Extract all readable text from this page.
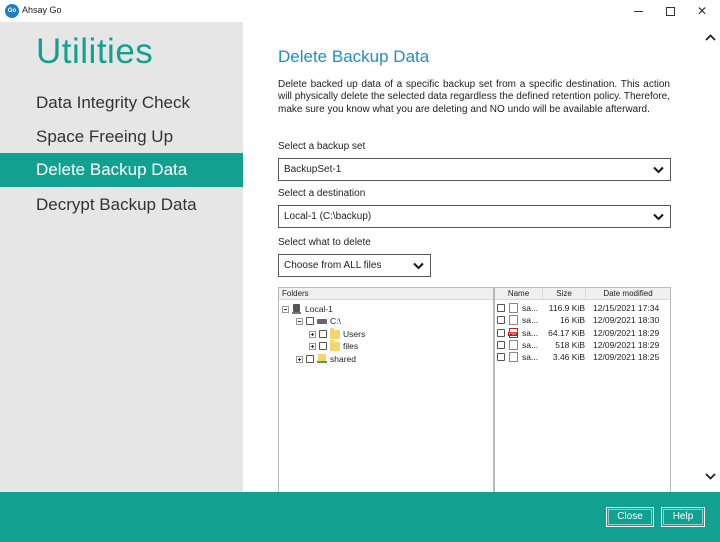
Go Ahsay Go	✕
Utilities
Data Integrity Check
Space Freeing Up
Delete Backup Data
Decrypt Backup Data
Delete Backup Data
Delete backed up data of a specific backup set from a specific destination. This action will physically delete the selected data regardless the defined retention policy. Therefore, make sure you know what you are deleting and NO undo will be available afterward.
Select a backup set
BackupSet-1
Select a destination
Local-1 (C:\backup)
Select what to delete
Choose from ALL files
Folders
Local-1
C:\
Users
files
shared
Name	Size	Date modified
sa...	116.9 KiB 12/15/2021 17:34
sa...	16 KiB 12/09/2021 18:30
PDF
sa...	64.17 KiB 12/09/2021 18:29
sa...	518 KiB 12/09/2021 18:29
sa...	3.46 KiB 12/09/2021 18:25
Close	Help
